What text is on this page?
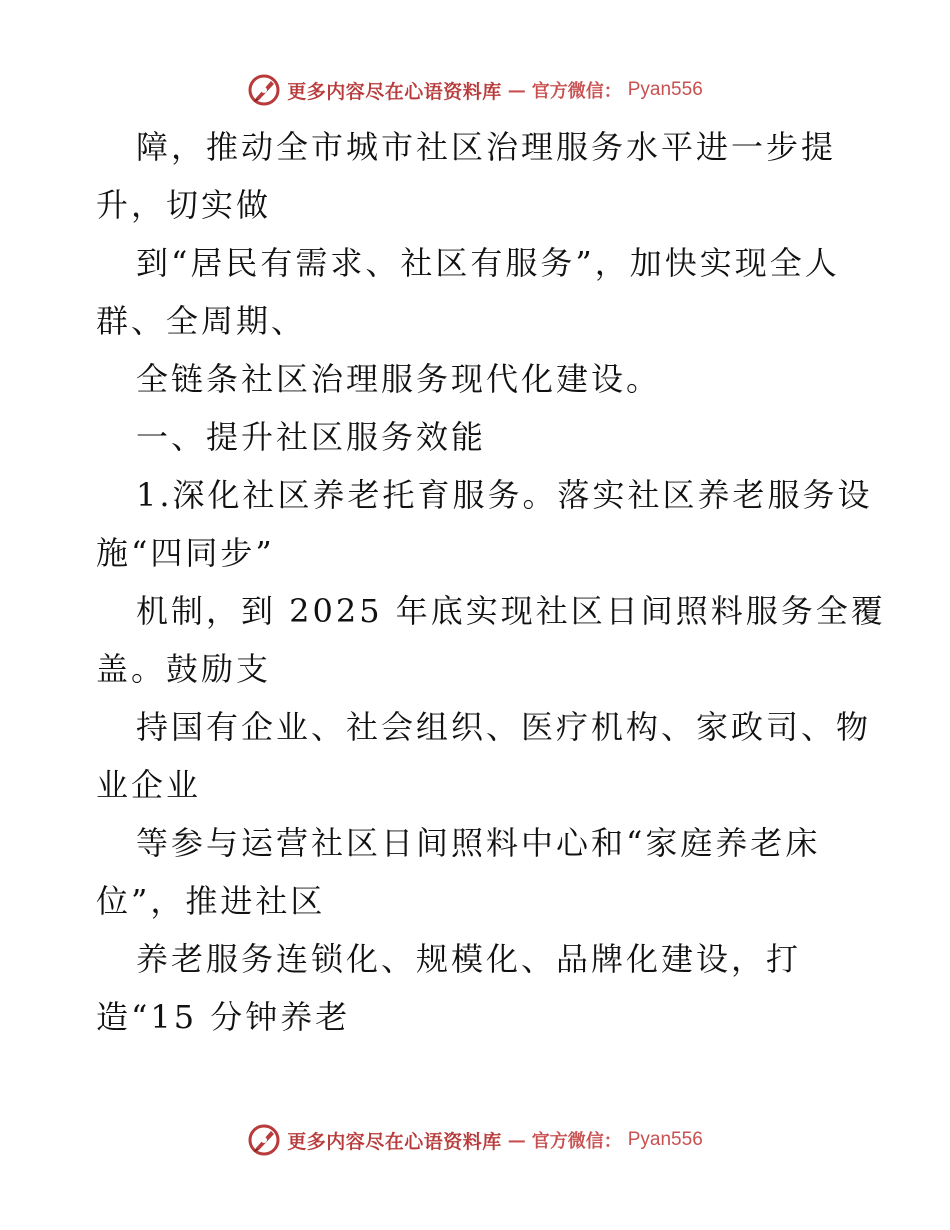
更多内容尽在心语资料库 — 官方微信： Pyan556
障，推动全市城市社区治理服务水平进一步提
升，切实做
到“居民有需求、社区有服务”，加快实现全人
群、全周期、
全链条社区治理服务现代化建设。
一、提升社区服务效能
1.深化社区养老托育服务。落实社区养老服务设
施“四同步”
机制，到 2025 年底实现社区日间照料服务全覆
盖。鼓励支
持国有企业、社会组织、医疗机构、家政司、物
业企业
等参与运营社区日间照料中心和“家庭养老床
位”，推进社区
养老服务连锁化、规模化、品牌化建设，打
造“15 分钟养老
更多内容尽在心语资料库 — 官方微信： Pyan556
